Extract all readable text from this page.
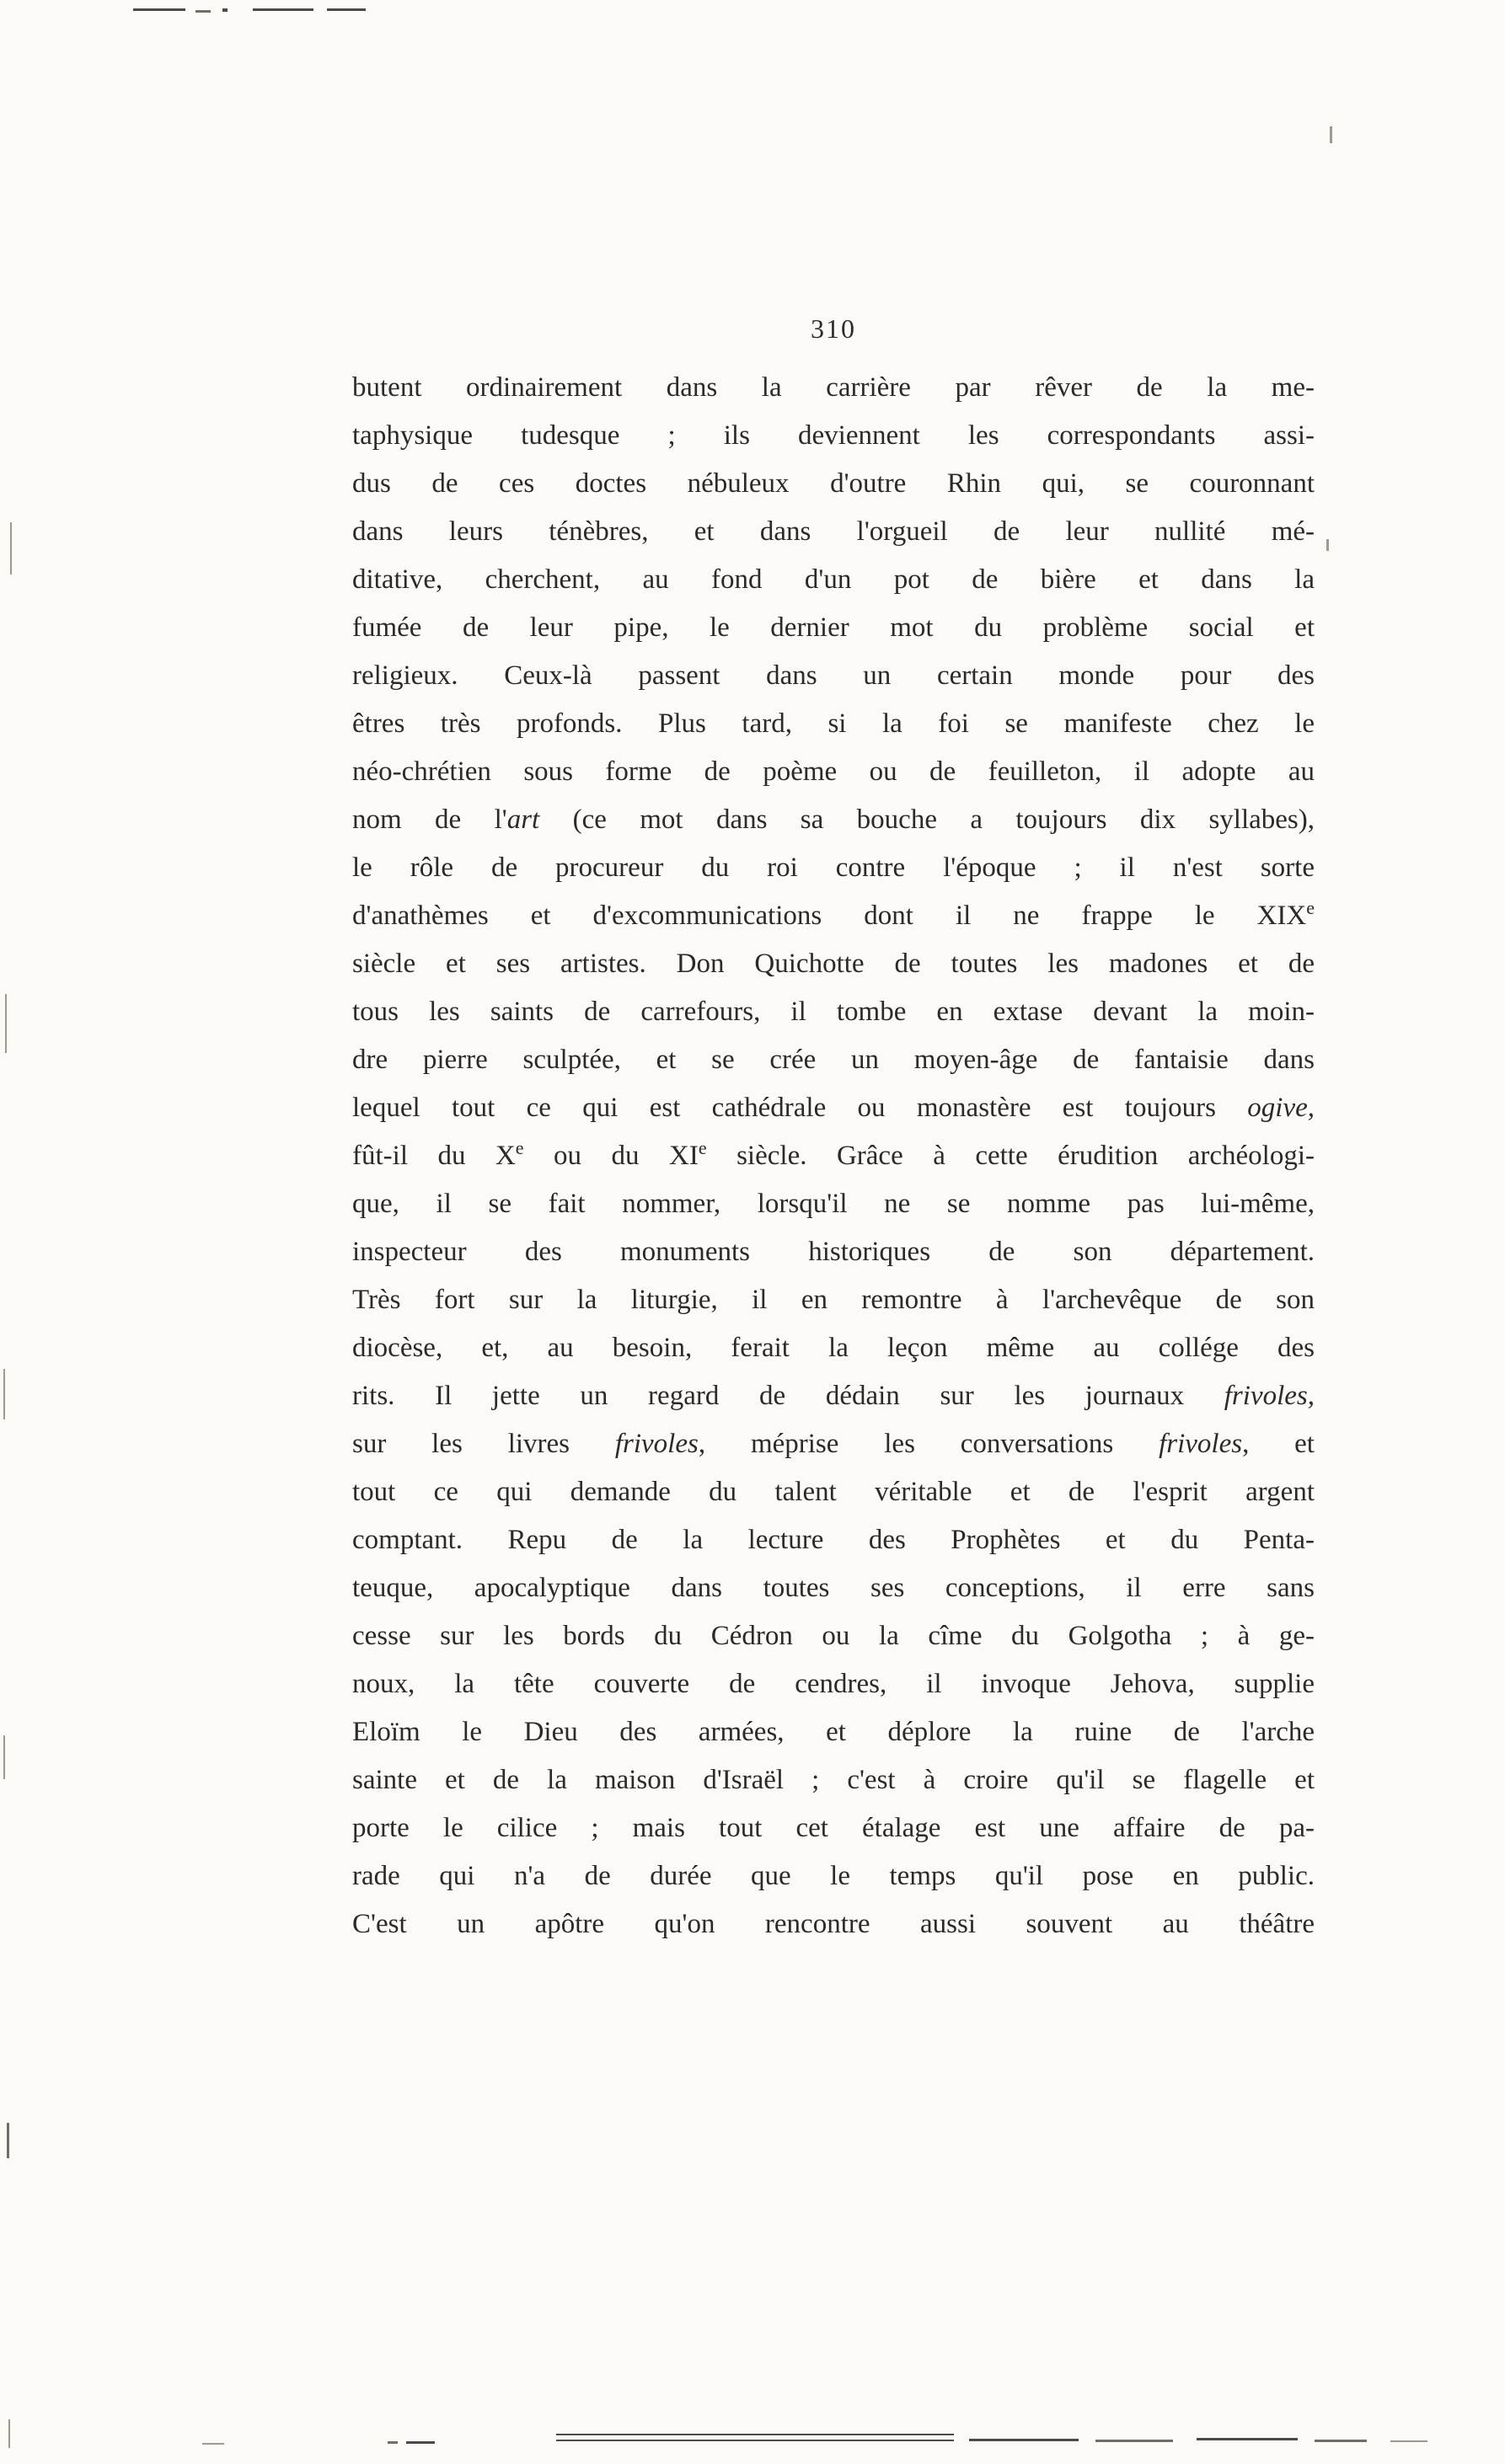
310
butent ordinairement dans la carrière par rêver de la me-
taphysique tudesque ; ils deviennent les correspondants assi-
dus de ces doctes nébuleux d'outre Rhin qui, se couronnant
dans leurs ténèbres, et dans l'orgueil de leur nullité mé-
ditative, cherchent, au fond d'un pot de bière et dans la
fumée de leur pipe, le dernier mot du problème social et
religieux. Ceux-là passent dans un certain monde pour des
êtres très profonds. Plus tard, si la foi se manifeste chez le
néo-chrétien sous forme de poème ou de feuilleton, il adopte au
nom de l'art (ce mot dans sa bouche a toujours dix syllabes),
le rôle de procureur du roi contre l'époque ; il n'est sorte
d'anathèmes et d'excommunications dont il ne frappe le XIXe
siècle et ses artistes. Don Quichotte de toutes les madones et de
tous les saints de carrefours, il tombe en extase devant la moin-
dre pierre sculptée, et se crée un moyen-âge de fantaisie dans
lequel tout ce qui est cathédrale ou monastère est toujours ogive,
fût-il du Xe ou du XIe siècle. Grâce à cette érudition archéologi-
que, il se fait nommer, lorsqu'il ne se nomme pas lui-même,
inspecteur des monuments historiques de son département.
Très fort sur la liturgie, il en remontre à l'archevêque de son
diocèse, et, au besoin, ferait la leçon même au collége des
rits. Il jette un regard de dédain sur les journaux frivoles,
sur les livres frivoles, méprise les conversations frivoles, et
tout ce qui demande du talent véritable et de l'esprit argent
comptant. Repu de la lecture des Prophètes et du Penta-
teuque, apocalyptique dans toutes ses conceptions, il erre sans
cesse sur les bords du Cédron ou la cîme du Golgotha ; à ge-
noux, la tête couverte de cendres, il invoque Jehova, supplie
Eloïm le Dieu des armées, et déplore la ruine de l'arche
sainte et de la maison d'Israël ; c'est à croire qu'il se flagelle et
porte le cilice ; mais tout cet étalage est une affaire de pa-
rade qui n'a de durée que le temps qu'il pose en public.
C'est un apôtre qu'on rencontre aussi souvent au théâtre
